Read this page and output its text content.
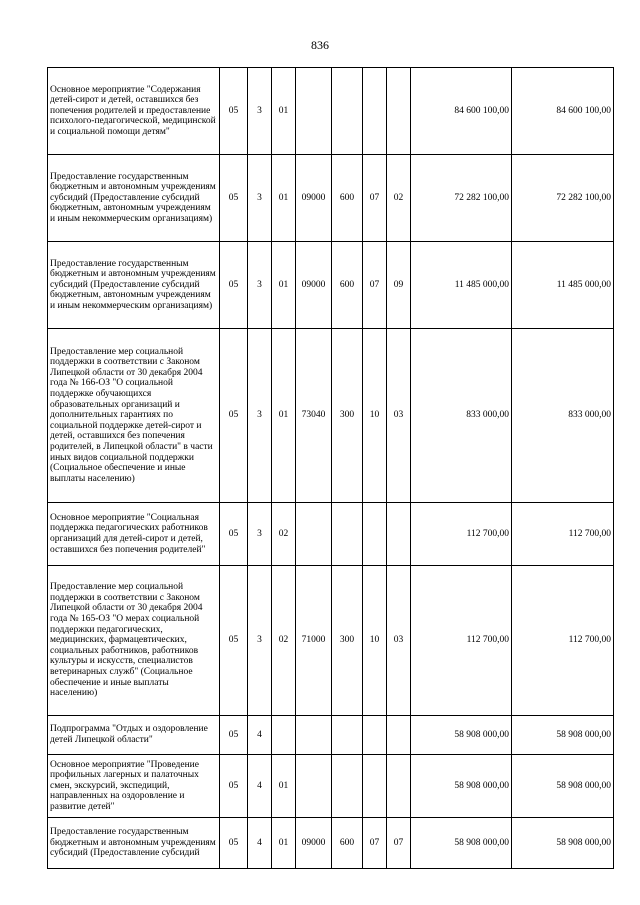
836
Основное мероприятие "Содержания детей-сирот и детей, оставшихся без попечения родителей и предоставление психолого-педагогической, медицинской и социальной помощи детям"	05	3	01					84 600 100,00	84 600 100,00
Предоставление государственным бюджетным и автономным учреждениям субсидий (Предоставление субсидий бюджетным, автономным учреждениям и иным некоммерческим организациям)	05	3	01	09000	600	07	02	72 282 100,00	72 282 100,00
Предоставление государственным бюджетным и автономным учреждениям субсидий (Предоставление субсидий бюджетным, автономным учреждениям и иным некоммерческим организациям)	05	3	01	09000	600	07	09	11 485 000,00	11 485 000,00
Предоставление мер социальной поддержки в соответствии с Законом Липецкой области от 30 декабря 2004 года № 166-ОЗ "О социальной поддержке обучающихся образовательных организаций и дополнительных гарантиях по социальной поддержке детей-сирот и детей, оставшихся без попечения родителей, в Липецкой области" в части иных видов социальной поддержки (Социальное обеспечение и иные выплаты населению)	05	3	01	73040	300	10	03	833 000,00	833 000,00
Основное мероприятие "Социальная поддержка педагогических работников организаций для детей-сирот и детей, оставшихся без попечения родителей"	05	3	02					112 700,00	112 700,00
Предоставление мер социальной поддержки в соответствии с Законом Липецкой области от 30 декабря 2004 года № 165-ОЗ "О мерах социальной поддержки педагогических, медицинских, фармацевтических, социальных работников, работников культуры и искусств, специалистов ветеринарных служб" (Социальное обеспечение и иные выплаты населению)	05	3	02	71000	300	10	03	112 700,00	112 700,00
Подпрограмма "Отдых и оздоровление детей Липецкой области"	05	4						58 908 000,00	58 908 000,00
Основное мероприятие "Проведение профильных лагерных и палаточных смен, экскурсий, экспедиций, направленных на оздоровление и развитие детей"	05	4	01					58 908 000,00	58 908 000,00
Предоставление государственным бюджетным и автономным учреждениям субсидий (Предоставление субсидий	05	4	01	09000	600	07	07	58 908 000,00	58 908 000,00
